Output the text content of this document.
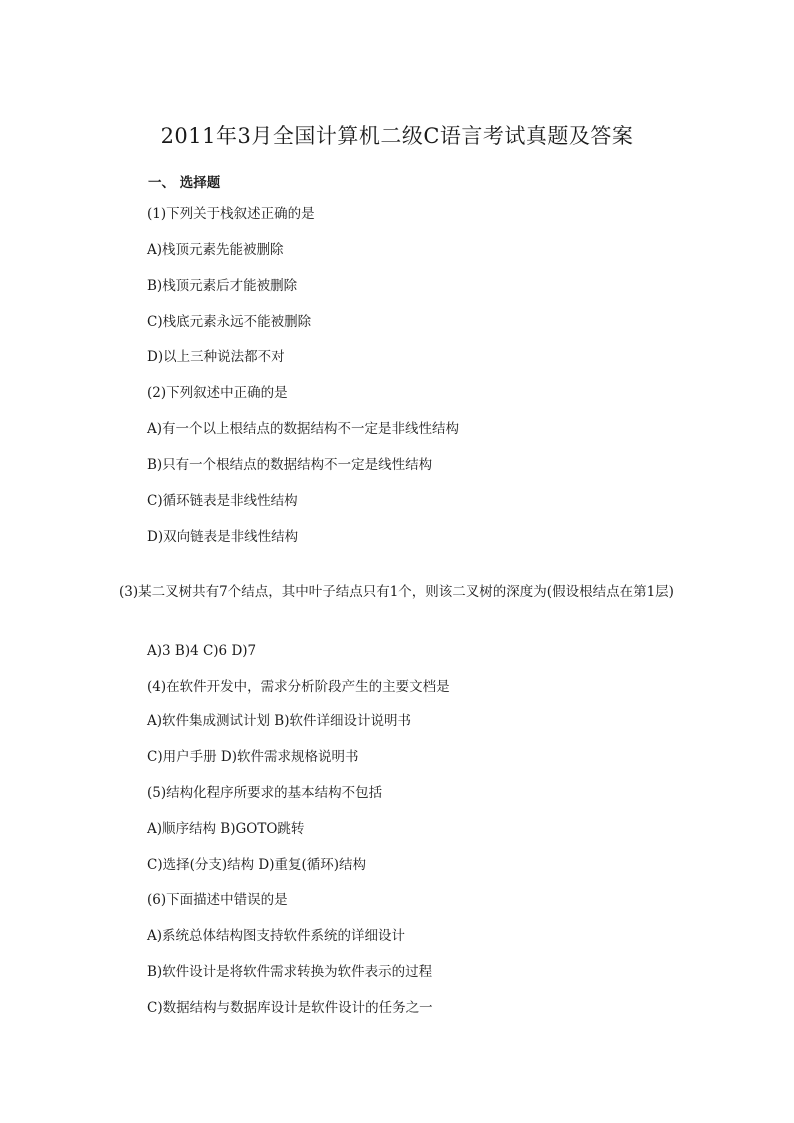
2011年3月全国计算机二级C语言考试真题及答案
一、 选择题

(1)下列关于栈叙述正确的是

A)栈顶元素先能被删除

B)栈顶元素后才能被删除

C)栈底元素永远不能被删除

D)以上三种说法都不对

(2)下列叙述中正确的是

A)有一个以上根结点的数据结构不一定是非线性结构

B)只有一个根结点的数据结构不一定是线性结构

C)循环链表是非线性结构

D)双向链表是非线性结构

(3)某二叉树共有7个结点，其中叶子结点只有1个，则该二叉树的深度为(假设根结点在第1层)

A)3 B)4 C)6 D)7

(4)在软件开发中，需求分析阶段产生的主要文档是

A)软件集成测试计划 B)软件详细设计说明书

C)用户手册 D)软件需求规格说明书

(5)结构化程序所要求的基本结构不包括

A)顺序结构 B)GOTO跳转

C)选择(分支)结构 D)重复(循环)结构

(6)下面描述中错误的是

A)系统总体结构图支持软件系统的详细设计

B)软件设计是将软件需求转换为软件表示的过程

C)数据结构与数据库设计是软件设计的任务之一
